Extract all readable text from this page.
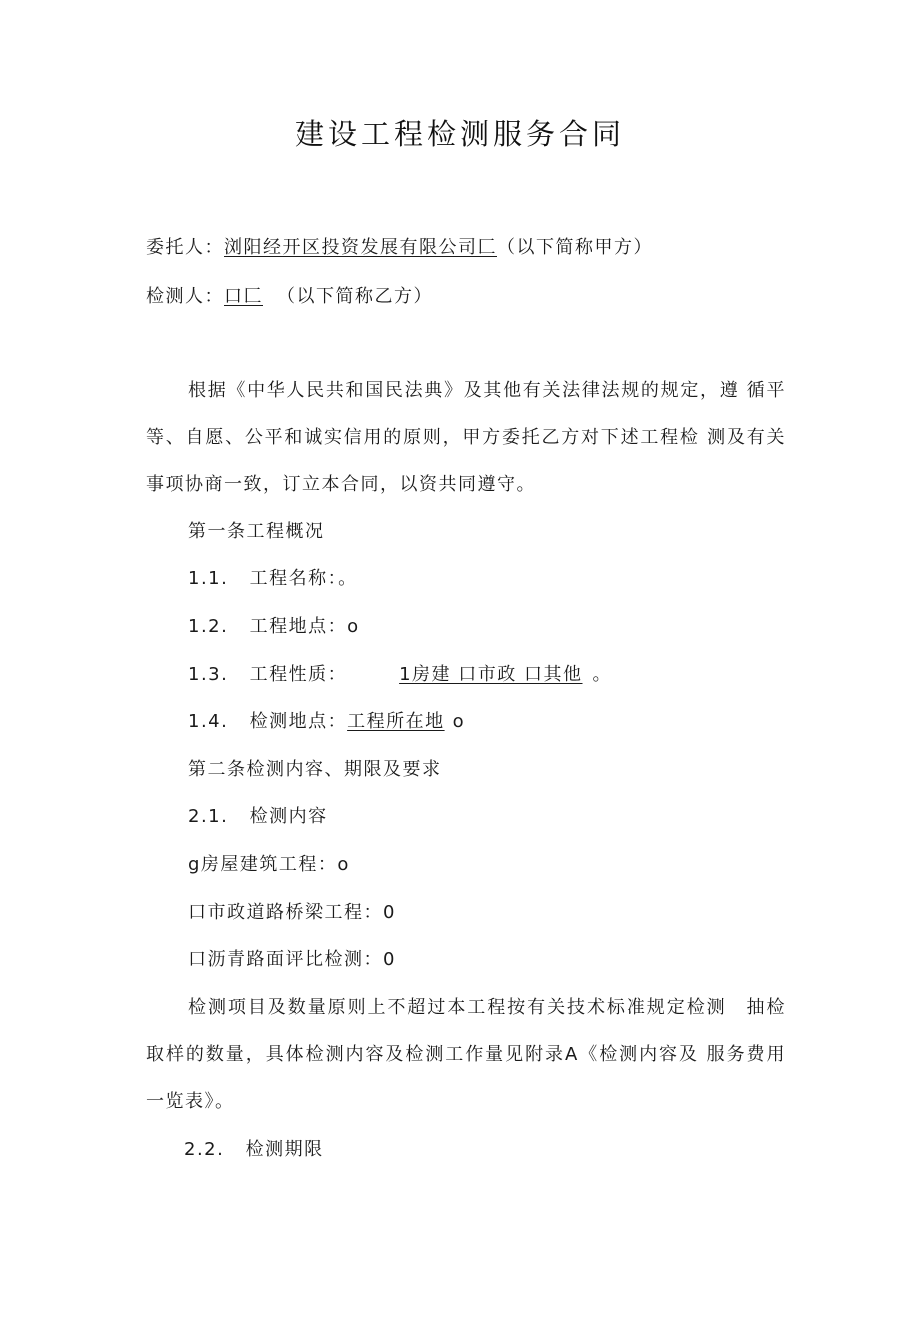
建设工程检测服务合同
委托人：浏阳经开区投资发展有限公司匚（以下简称甲方）
检测人：口匚 （以下简称乙方）
根据《中华人民共和国民法典》及其他有关法律法规的规定，遵 循平等、自愿、公平和诚实信用的原则，甲方委托乙方对下述工程检 测及有关事项协商一致，订立本合同，以资共同遵守。
第一条工程概况
1.1. 工程名称：。
1.2. 工程地点：o
1.3. 工程性质：	1房建 口市政 口其他 。
1.4. 检测地点：工程所在地 o
第二条检测内容、期限及要求
2.1. 检测内容
g房屋建筑工程：o
口市政道路桥梁工程：0
口沥青路面评比检测：0
检测项目及数量原则上不超过本工程按有关技术标准规定检测　抽检取样的数量，具体检测内容及检测工作量见附录A《检测内容及 服务费用一览表》。
2.2. 检测期限
